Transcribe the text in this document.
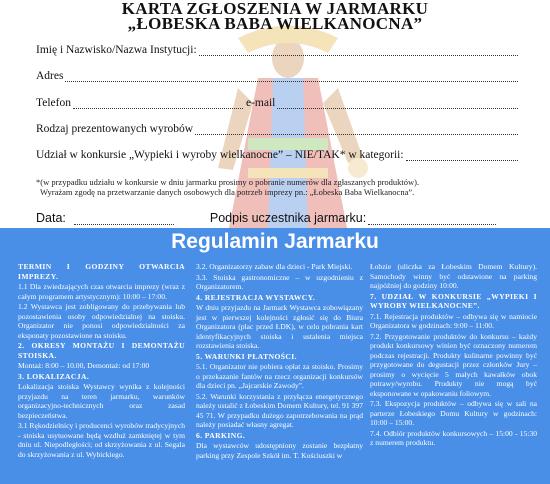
KARTA ZGŁOSZENIA W JARMARKU
„ŁOBESKA BABA WIELKANOCNA”
Imię i Nazwisko/Nazwa Instytucji:
Adres
Telefon	e-mail
Rodzaj prezentowanych wyrobów
Udział w konkursie „Wypieki i wyroby wielkanocne” – NIE/TAK* w kategorii:
*(w przypadku udziału w konkursie w dniu jarmarku prosimy o pobranie numerów dla zgłaszanych produktów).
Wyrażam zgodę na przetwarzanie danych osobowych dla potrzeb imprezy pn.: „Łobeska Baba Wielkanocna”.
Data:	Podpis uczestnika jarmarku:
Regulamin Jarmarku

TERMIN I GODZINY OTWARCIA IMPREZY.

1.1 Dla zwiedzających czas otwarcia imprezy (wraz z całym programem artystycznym): 10:00 – 17:00.

1.2 Wystawca jest zobligowany do przebywania lub pozostawienia osoby odpowiedzialnej na stoisku. Organizator nie ponosi odpowiedzialności za eksponaty pozostawione na stoisku.

2. OKRESY MONTAŻU I DEMONTAŻU STOISKA.

Montaż: 8:00 – 10.00, Demontaż: od 17:00

3. LOKALIZACJA.

Lokalizacja stoiska Wystawcy wynika z kolejności przyjazdu na teren jarmarku, warunków organizacyjno-technicznych oraz zasad bezpieczeństwa.

3.1 Rękodzielnicy i producenci wyrobów tradycyjnych - stoiska usytuowane będą wzdłuż zamkniętej w tym dniu ul. Niepodległości; od skrzyżowania z ul. Segala do skrzyżowania z ul. Wybickiego.

3.2. Organizatorzy zabaw dla dzieci - Park Miejski.

3.3. Stoiska gastronomiczne – w uzgodnieniu z Organizatorem.

4. REJESTRACJA WYSTAWCY.

W dniu przyjazdu na Jarmark Wystawca zobowiązany jest w pierwszej kolejności zgłosić się do Biura Organizatora (plac przed ŁDK), w celu pobrania kart identyfikacyjnych stoiska i ustalenia miejsca rozstawienia stoiska.

5. WARUNKI PŁATNOŚCI.

5.1. Organizator nie pobiera opłat za stoisko. Prosimy o przekazanie fantów na rzecz organizacji konkursów dla dzieci pn. „Jajcarskie Zawody”.

5.2. Warunki korzystania z przyłącza energetycznego należy ustalić z Łobeskim Domem Kultury, tel. 91 397 45 71. W przypadku dużego zapotrzebowania na prąd należy posiadać własny agregat.

6. PARKING.

Dla wystawców udostępniony zostanie bezpłatny parking przy Zespole Szkół im. T. Kościuszki w

Łobzie (uliczka za Łobeskim Domem Kultury). Samochody winny być odstawione na parking najpóźniej do godziny 10:00.

7. UDZIAŁ W KONKURSIE „WYPIEKI I WYROBY WIELKANOCNE”.

7.1. Rejestracja produktów – odbywa się w namiocie Organizatora w godzinach: 9:00 – 11:00.

7.2. Przygotowanie produktów do konkursu – każdy produkt konkursowy winien być oznaczony numerem podczas rejestracji. Produkty kulinarne powinny być przygotowane do degustacji przez członków Jury – prosimy o wycięcie 5 małych kawałków obok potrawy/wyrobu. Produkty nie mogą być eksponowane w opakowaniu foliowym.

7.3. Ekspozycja produktów – odbywa się w sali na parterze Łobeskiego Domu Kultury w godzinach: 10:00 – 15:00.

7.4. Odbiór produktów konkursowych – 15:00 - 15:30 z numerem produktu.
